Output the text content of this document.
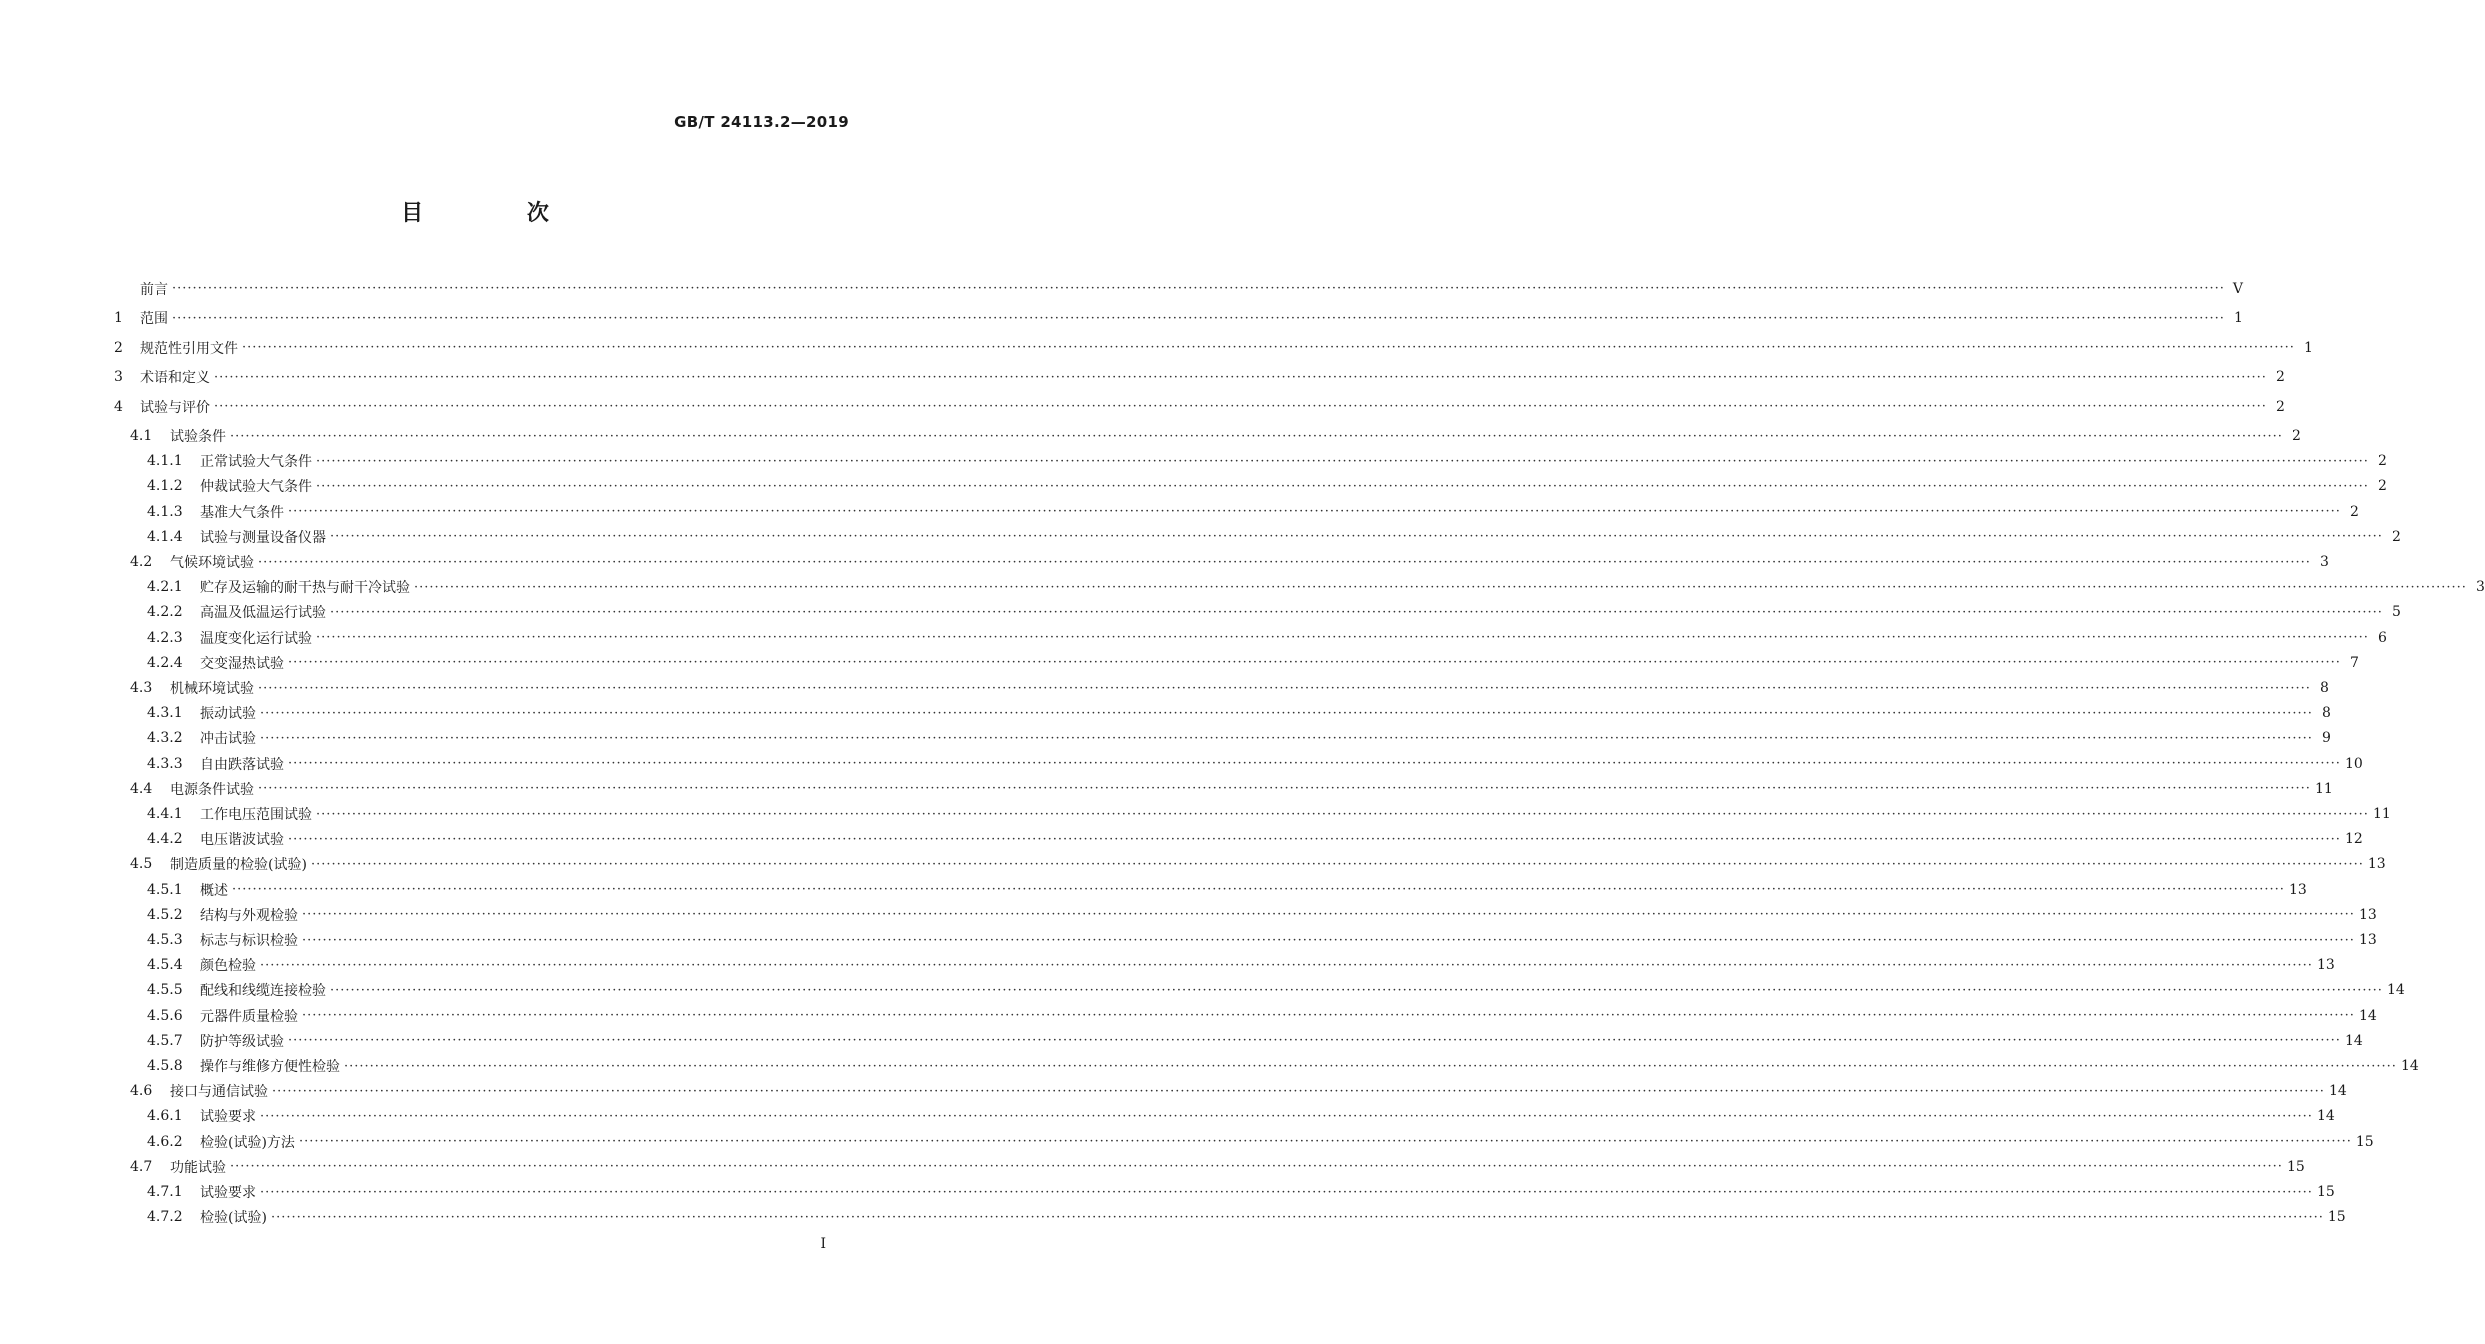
GB/T 24113.2—2019
目 次
前言 ················································································································································································································································································································································································································ V
1	范围 ················································································································································································································································································································································································································ 1
2	规范性引用文件 ················································································································································································································································································································································································································ 1
3	术语和定义 ················································································································································································································································································································································································································ 2
4	试验与评价 ················································································································································································································································································································································································································ 2
4.1	试验条件 ················································································································································································································································································································································································································ 2
4.1.1	正常试验大气条件 ················································································································································································································································································································································································································ 2
4.1.2	仲裁试验大气条件 ················································································································································································································································································································································································································ 2
4.1.3	基准大气条件 ················································································································································································································································································································································································································ 2
4.1.4	试验与测量设备仪器 ················································································································································································································································································································································································································ 2
4.2	气候环境试验 ················································································································································································································································································································································································································ 3
4.2.1	贮存及运输的耐干热与耐干冷试验 ················································································································································································································································································································································································································ 3
4.2.2	高温及低温运行试验 ················································································································································································································································································································································································································ 5
4.2.3	温度变化运行试验 ················································································································································································································································································································································································································ 6
4.2.4	交变湿热试验 ················································································································································································································································································································································································································ 7
4.3	机械环境试验 ················································································································································································································································································································································································································ 8
4.3.1	振动试验 ················································································································································································································································································································································································································ 8
4.3.2	冲击试验 ················································································································································································································································································································································································································ 9
4.3.3	自由跌落试验 ················································································································································································································································································································································································································ 10
4.4	电源条件试验 ················································································································································································································································································································································································································ 11
4.4.1	工作电压范围试验 ················································································································································································································································································································································································································ 11
4.4.2	电压谐波试验 ················································································································································································································································································································································································································ 12
4.5	制造质量的检验(试验) ················································································································································································································································································································································································································ 13
4.5.1	概述 ················································································································································································································································································································································································································ 13
4.5.2	结构与外观检验 ················································································································································································································································································································································································································ 13
4.5.3	标志与标识检验 ················································································································································································································································································································································································································ 13
4.5.4	颜色检验 ················································································································································································································································································································································································································ 13
4.5.5	配线和线缆连接检验 ················································································································································································································································································································································································································ 14
4.5.6	元器件质量检验 ················································································································································································································································································································································································································ 14
4.5.7	防护等级试验 ················································································································································································································································································································································································································ 14
4.5.8	操作与维修方便性检验 ················································································································································································································································································································································································································ 14
4.6	接口与通信试验 ················································································································································································································································································································································································································ 14
4.6.1	试验要求 ················································································································································································································································································································································································································ 14
4.6.2	检验(试验)方法 ················································································································································································································································································································································································································ 15
4.7	功能试验 ················································································································································································································································································································································································································ 15
4.7.1	试验要求 ················································································································································································································································································································································································································ 15
4.7.2	检验(试验) ················································································································································································································································································································································································································ 15
I
